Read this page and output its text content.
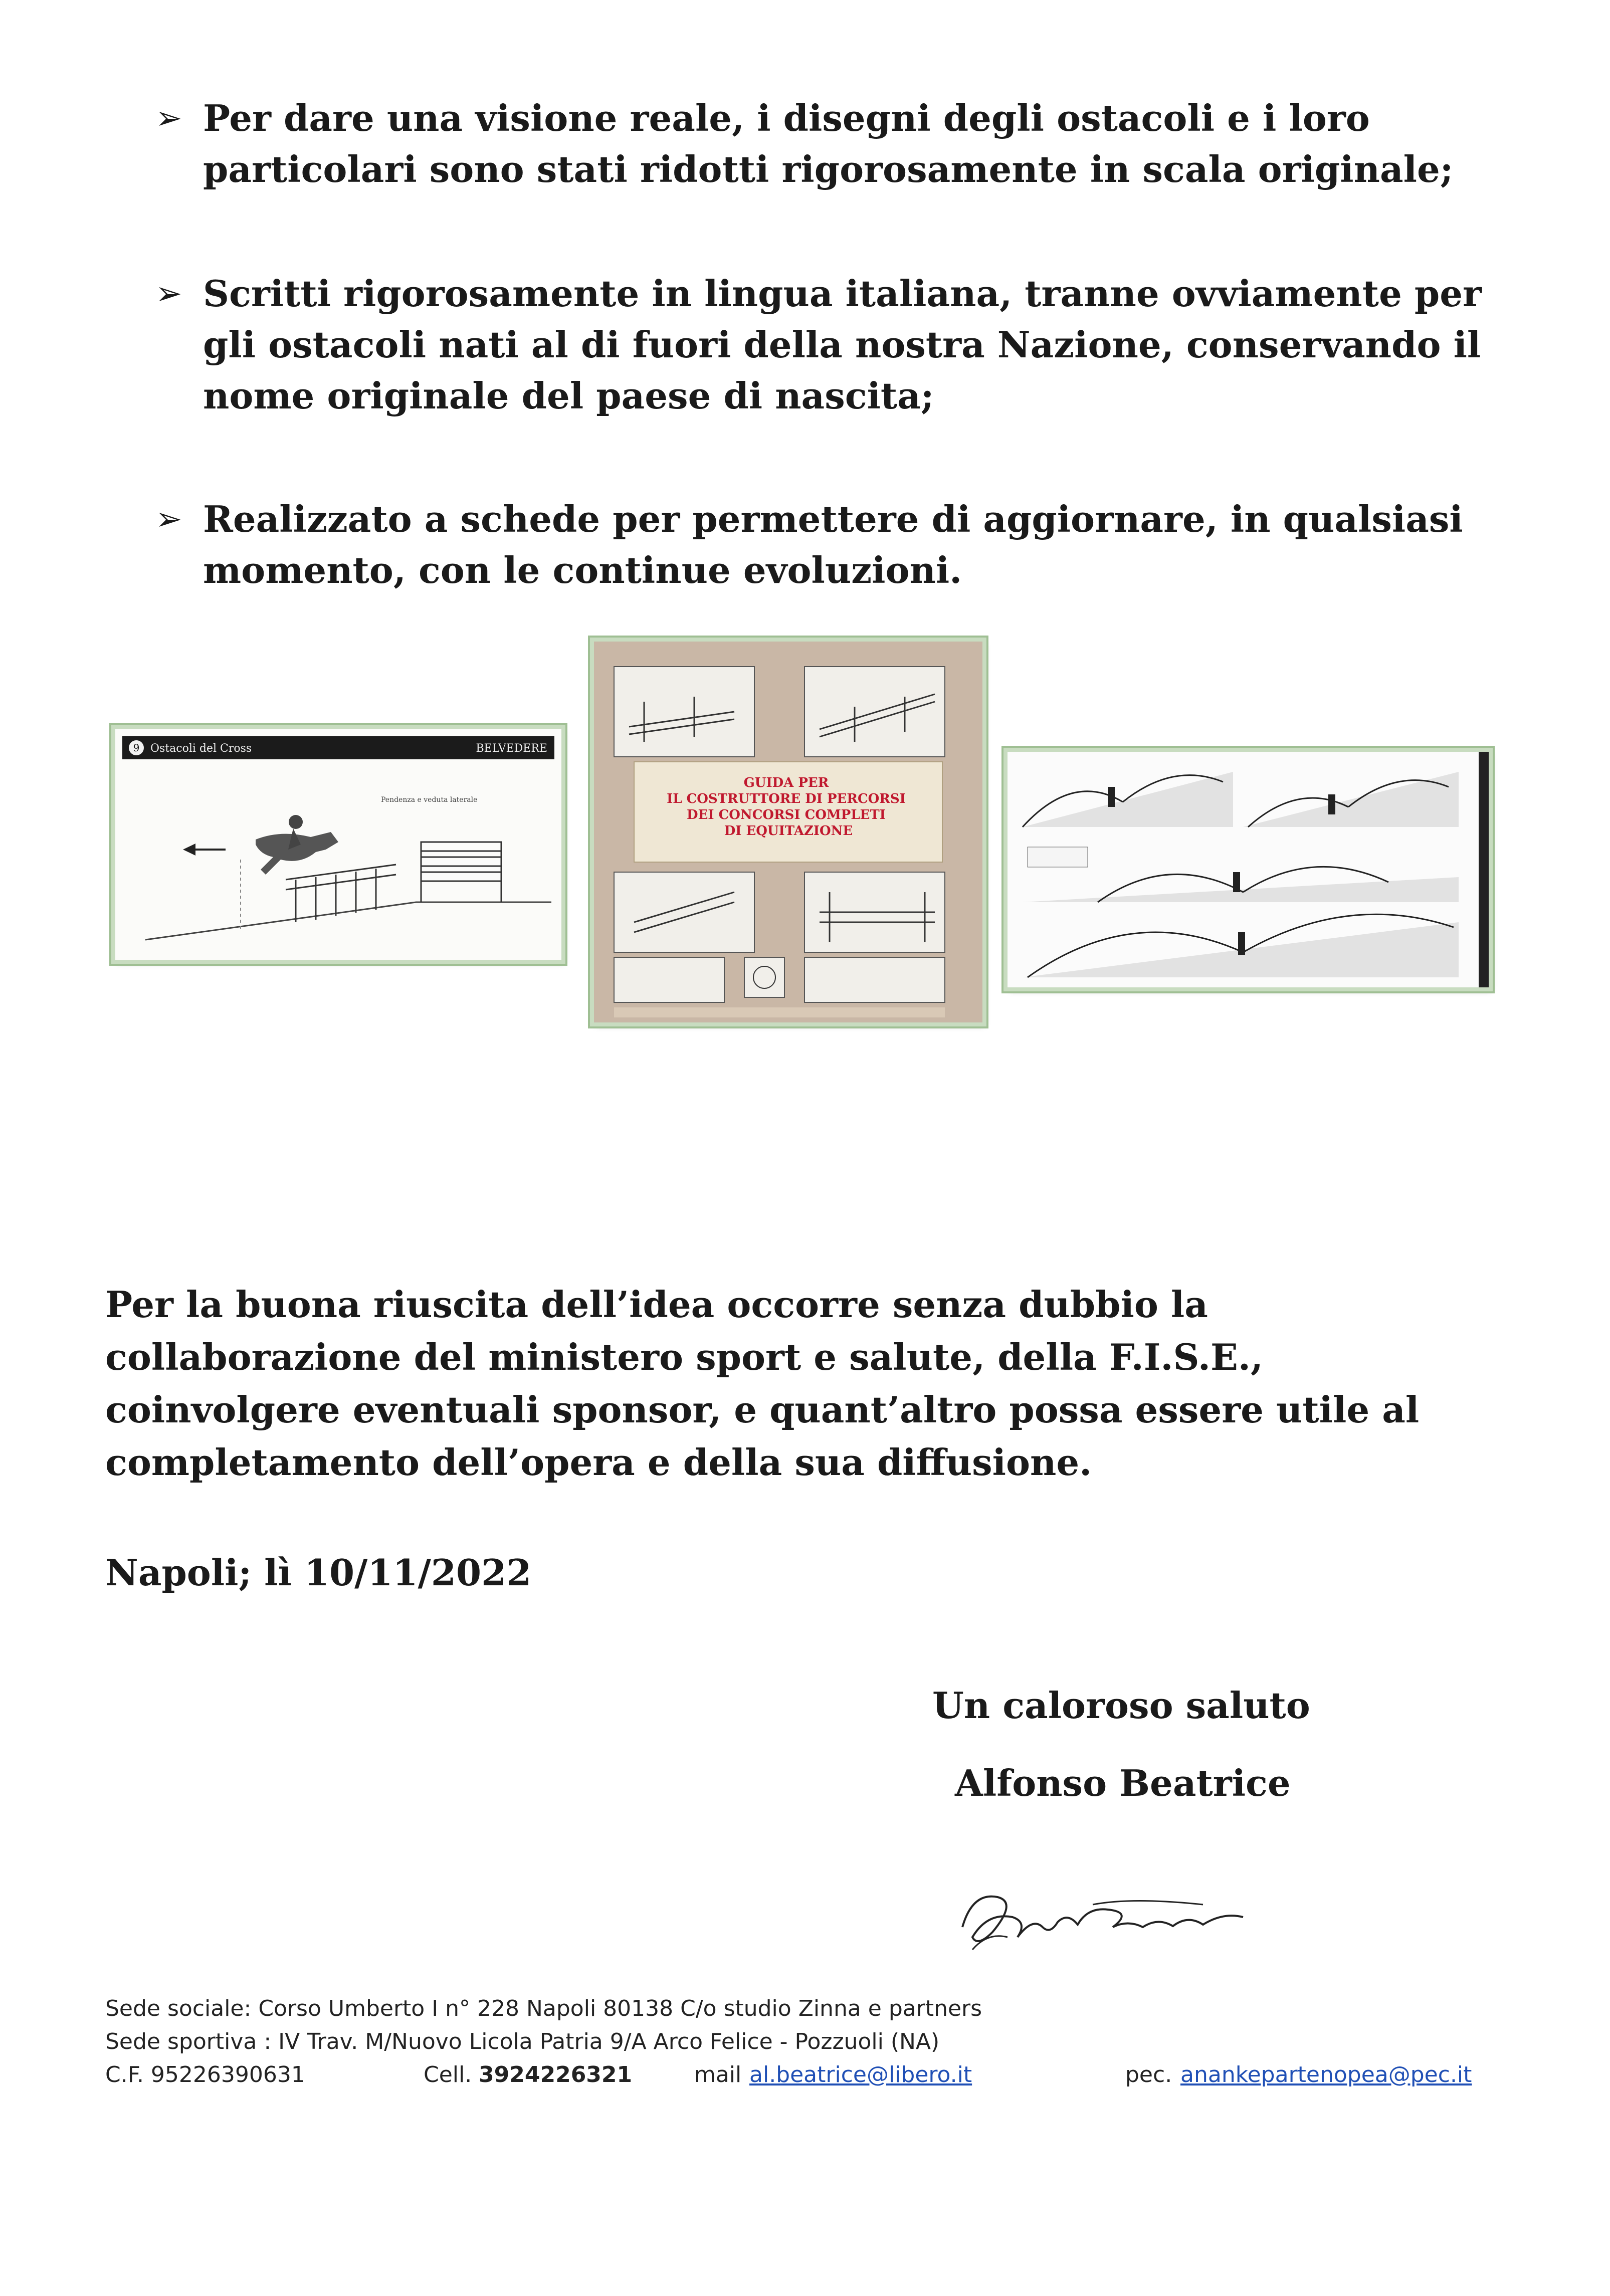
➢ Per dare una visione reale, i disegni degli ostacoli e i loro particolari sono stati ridotti rigorosamente in scala originale;
➢ Scritti rigorosamente in lingua italiana, tranne ovviamente per gli ostacoli nati al di fuori della nostra Nazione, conservando il nome originale del paese di nascita;
➢ Realizzato a schede per permettere di aggiornare, in qualsiasi momento, con le continue evoluzioni.
9 Ostacoli del Cross	BELVEDERE
Pendenza e veduta laterale
GUIDA PER IL COSTRUTTORE DI PERCORSI DEI CONCORSI COMPLETI DI EQUITAZIONE
Per la buona riuscita dell’idea occorre senza dubbio la collaborazione del ministero sport e salute, della F.I.S.E., coinvolgere eventuali sponsor, e quant’altro possa essere utile al completamento dell’opera e della sua diffusione.
Napoli; lì 10/11/2022
Un caloroso saluto
Alfonso Beatrice
Sede sociale: Corso Umberto I n° 228 Napoli 80138 C/o studio Zinna e partners
Sede sportiva : IV Trav. M/Nuovo Licola Patria 9/A Arco Felice - Pozzuoli (NA)
C.F. 95226390631	Cell. 3924226321	mail al.beatrice@libero.it	pec. ananke​partenopea@pec.it
